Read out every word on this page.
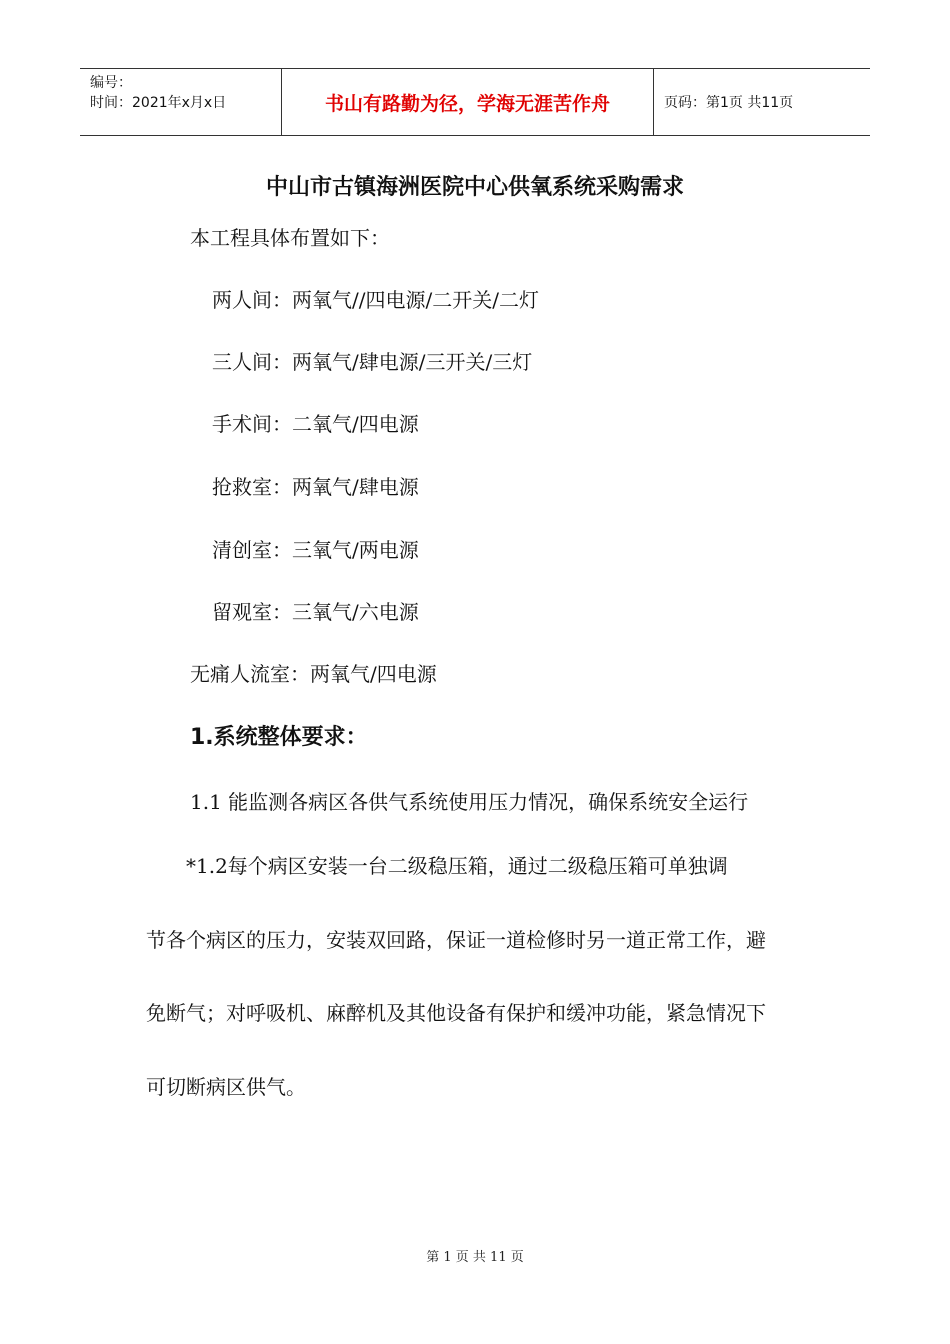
编号：
时间：2021年x月x日	书山有路勤为径，学海无涯苦作舟	页码：第1页 共11页
中山市古镇海洲医院中心供氧系统采购需求
本工程具体布置如下：
两人间：两氧气//四电源/二开关/二灯
三人间：两氧气/肆电源/三开关/三灯
手术间：二氧气/四电源
抢救室：两氧气/肆电源
清创室：三氧气/两电源
留观室：三氧气/六电源
无痛人流室：两氧气/四电源
1.系统整体要求：
1.1 能监测各病区各供气系统使用压力情况，确保系统安全运行
*1.2每个病区安装一台二级稳压箱，通过二级稳压箱可单独调
节各个病区的压力，安装双回路，保证一道检修时另一道正常工作，避
免断气；对呼吸机、麻醉机及其他设备有保护和缓冲功能，紧急情况下
可切断病区供气。
第 1 页 共 11 页
